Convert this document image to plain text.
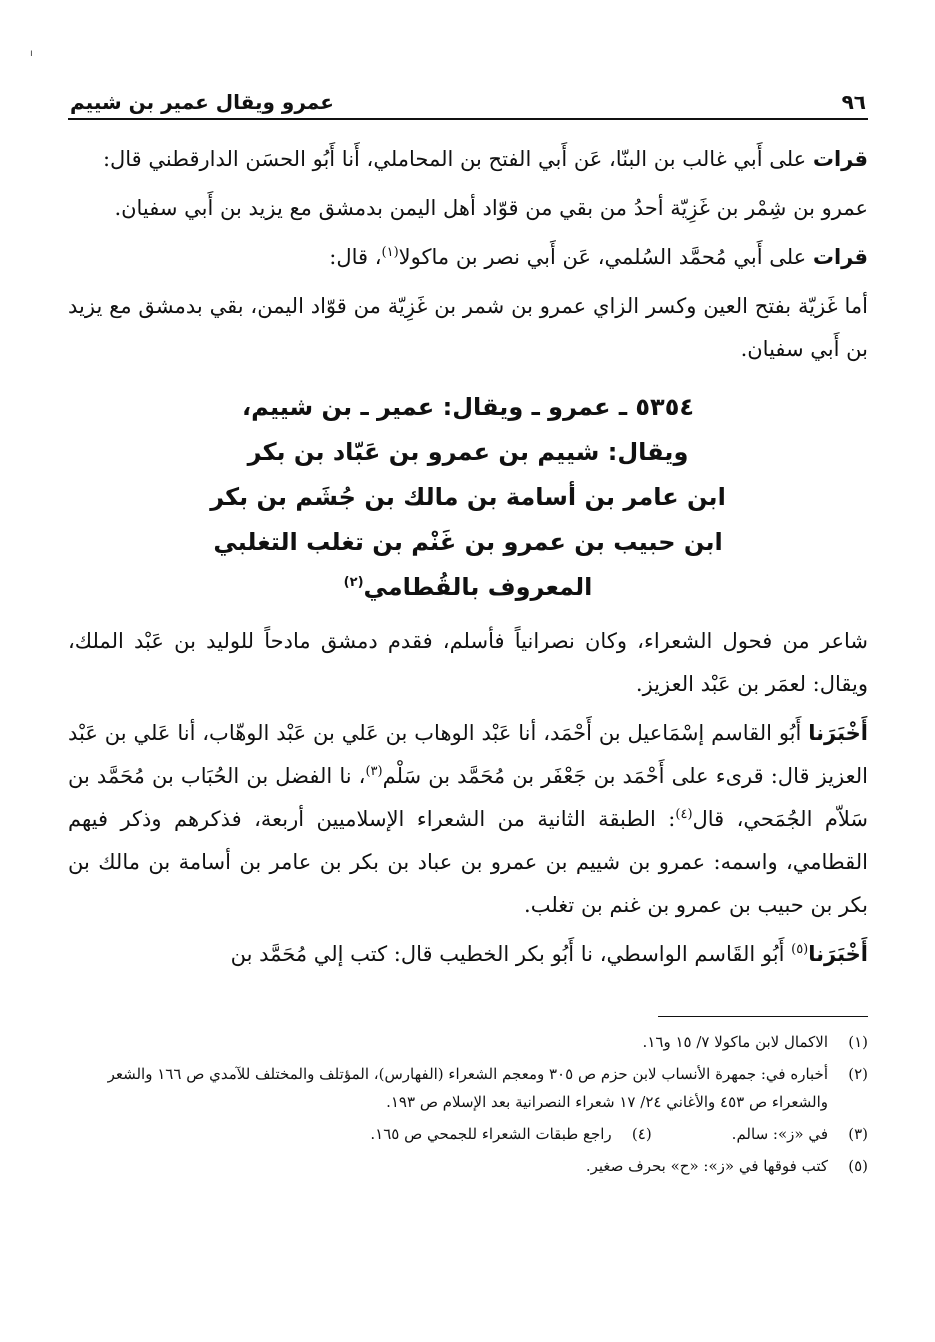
ı
٩٦
عمرو ويقال عمير بن شييم

قرات على أَبي غالب بن البنّا، عَن أَبي الفتح بن المحاملي، أَنا أَبُو الحسَن الدارقطني قال:

عمرو بن شِمْر بن غَزِيّة أحدُ من بقي من قوّاد أهل اليمن بدمشق مع يزيد بن أَبي سفيان.

قرات على أَبي مُحمَّد السُلمي، عَن أَبي نصر بن ماكولا$^{(١)}$، قال:

أما غَزيّة بفتح العين وكسر الزاي عمرو بن شمر بن غَزِيّة من قوّاد اليمن، بقي بدمشق مع يزيد بن أَبي سفيان.

٥٣٥٤ ـ عمرو ـ ويقال: عمير ـ بن شييم،
ويقال: شييم بن عمرو بن عَبّاد بن بكر
ابن عامر بن أسامة بن مالك بن جُشَم بن بكر
ابن حبيب بن عمرو بن غَنْم بن تغلب التغلبي
المعروف بالقُطامي$^{(٢)}$

شاعر من فحول الشعراء، وكان نصرانياً فأسلم، فقدم دمشق مادحاً للوليد بن عَبْد الملك، ويقال: لعمَر بن عَبْد العزيز.

أَخْبَرَنا أَبُو القاسم إسْمَاعيل بن أَحْمَد، أنا عَبْد الوهاب بن عَلي بن عَبْد الوهّاب، أنا عَلي بن عَبْد العزيز قال: قرىء على أَحْمَد بن جَعْفَر بن مُحَمَّد بن سَلْم$^{(٣)}$، نا الفضل بن الحُبَاب بن مُحَمَّد بن سَلاّم الجُمَحي، قال$^{(٤)}$: الطبقة الثانية من الشعراء الإسلاميين أربعة، فذكرهم وذكر فيهم القطامي، واسمه: عمرو بن شييم بن عمرو بن عباد بن بكر بن عامر بن أسامة بن مالك بن بكر بن حبيب بن عمرو بن غنم بن تغلب.

أَخْبَرَنا$^{(٥)}$ أَبُو القَاسم الواسطي، نا أَبُو بكر الخطيب قال: كتب إلي مُحَمَّد بن

(١)
الاكمال لابن ماكولا ٧/ ١٥ و١٦.
(٢)
أخباره في: جمهرة الأنساب لابن حزم ص ٣٠٥ ومعجم الشعراء (الفهارس)، المؤتلف والمختلف للآمدي ص ١٦٦ والشعر والشعراء ص ٤٥٣ والأغاني ٢٤/ ١٧ شعراء النصرانية بعد الإسلام ص ١٩٣.
(٣)
في «ز»: سالم.
(٤)
راجع طبقات الشعراء للجمحي ص ١٦٥.
(٥)
كتب فوقها في «ز»: «ح» بحرف صغير.
